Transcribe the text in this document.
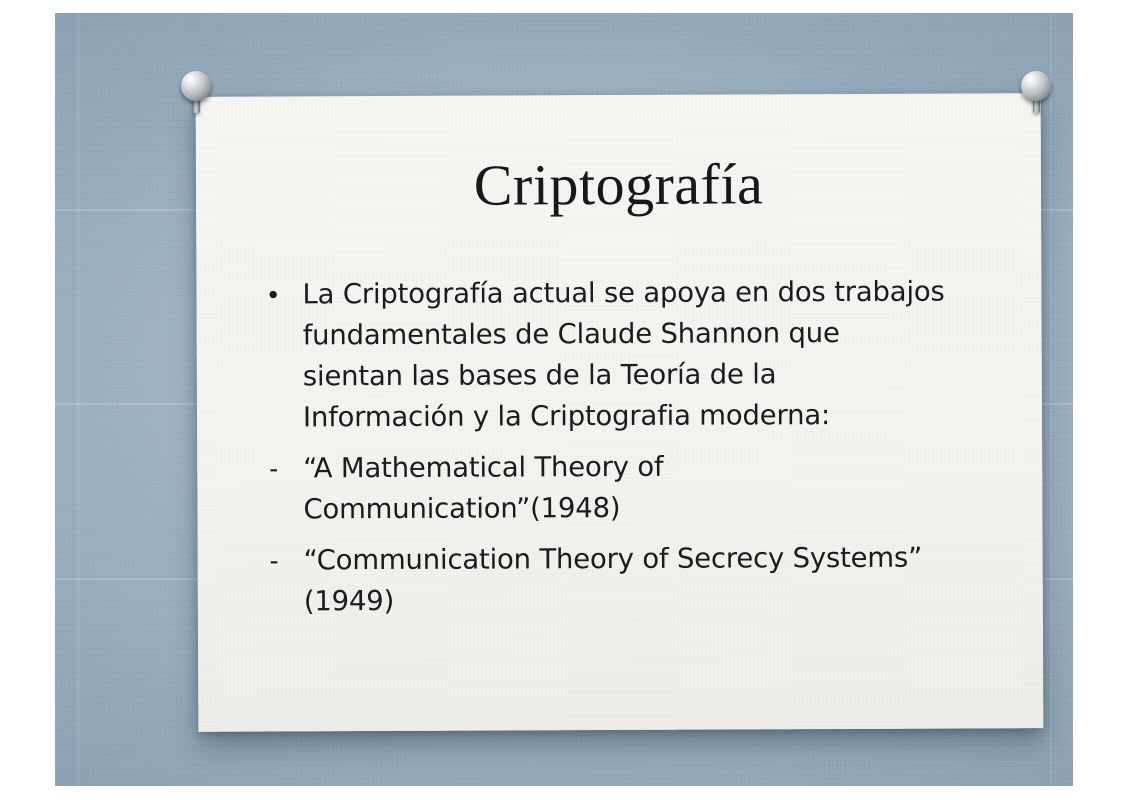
Criptografía
• La Criptografía actual se apoya en dos trabajos
fundamentales de Claude Shannon que
sientan las bases de la Teoría de la
Información y la Criptografia moderna:
- “A Mathematical Theory of
Communication”(1948)
- “Communication Theory of Secrecy Systems”
(1949)
